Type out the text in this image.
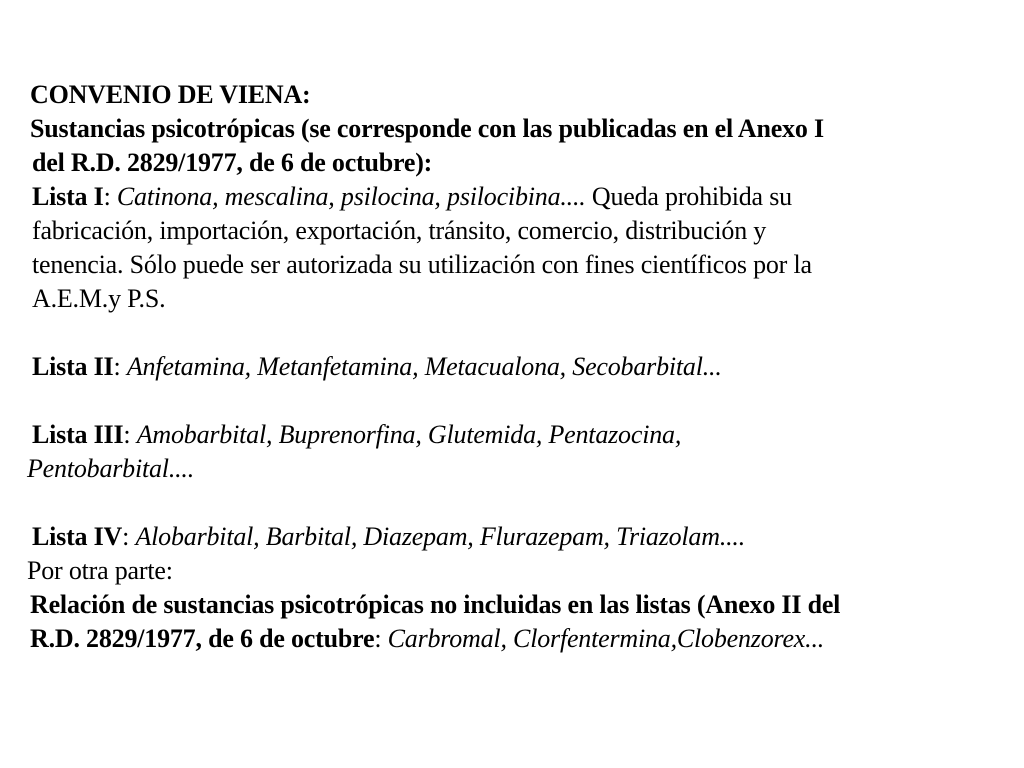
CONVENIO DE VIENA:
Sustancias psicotrópicas (se corresponde con las publicadas en el Anexo I
del R.D. 2829/1977, de 6 de octubre):
Lista I: Catinona, mescalina, psilocina, psilocibina.... Queda prohibida su
fabricación, importación, exportación, tránsito, comercio, distribución y
tenencia. Sólo puede ser autorizada su utilización con fines científicos por la
A.E.M.y P.S.
Lista II: Anfetamina, Metanfetamina, Metacualona, Secobarbital...
Lista III: Amobarbital, Buprenorfina, Glutemida, Pentazocina,
Pentobarbital....
Lista IV: Alobarbital, Barbital, Diazepam, Flurazepam, Triazolam....
Por otra parte:
Relación de sustancias psicotrópicas no incluidas en las listas (Anexo II del
R.D. 2829/1977, de 6 de octubre: Carbromal, Clorfentermina,Clobenzorex...
